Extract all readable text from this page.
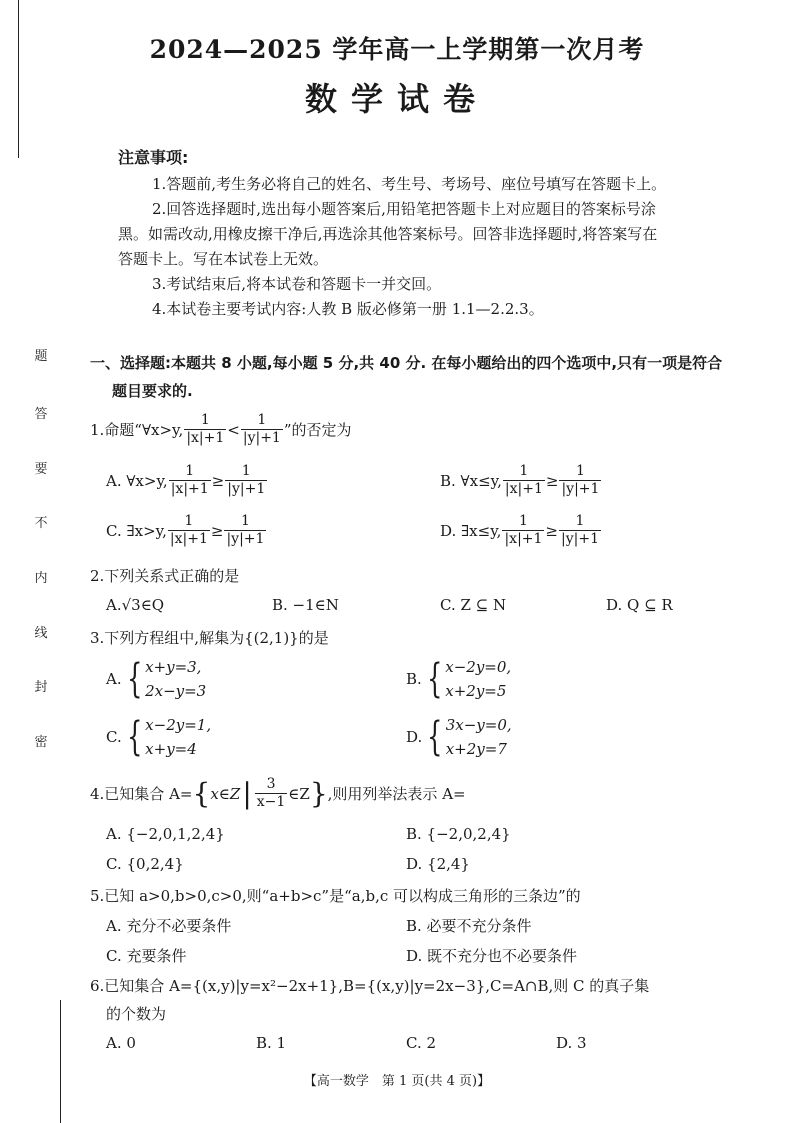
题
答
要
不
内
线
封
密
2024—2025 学年高一上学期第一次月考
数学试卷
注意事项:
1.答题前,考生务必将自己的姓名、考生号、考场号、座位号填写在答题卡上。
2.回答选择题时,选出每小题答案后,用铅笔把答题卡上对应题目的答案标号涂
黑。如需改动,用橡皮擦干净后,再选涂其他答案标号。回答非选择题时,将答案写在
答题卡上。写在本试卷上无效。
3.考试结束后,将本试卷和答题卡一并交回。
4.本试卷主要考试内容:人教 B 版必修第一册 1.1—2.2.3。
一、选择题:本题共 8 小题,每小题 5 分,共 40 分. 在每小题给出的四个选项中,只有一项是符合
题目要求的.
1.命题“∀x>y, $\frac{1}{|x|+1} < \frac{1}{|y|+1}$ ”的否定为
A. ∀x>y, $\frac{1}{|x|+1} \ge \frac{1}{|y|+1}$	B. ∀x≤y, $\frac{1}{|x|+1} \ge \frac{1}{|y|+1}$
C. ∃x>y, $\frac{1}{|x|+1} \ge \frac{1}{|y|+1}$	D. ∃x≤y, $\frac{1}{|x|+1} \ge \frac{1}{|y|+1}$
2.下列关系式正确的是
A.√3∈Q	B. −1∈N	C. Z ⊆ N	D. Q ⊆ R
3.下列方程组中,解集为{(2,1)}的是
A. { x+y=3,
2x−y=3
B. { x−2y=0,
x+2y=5
C. { x−2y=1,
x+y=4
D. { 3x−y=0,
x+2y=7
4.已知集合 A= { x∈Z | $\frac{3}{x-1}$ ∈Z } ,则用列举法表示 A=
A. {−2,0,1,2,4}	B. {−2,0,2,4}
C. {0,2,4}	D. {2,4}
5.已知 a>0,b>0,c>0,则“a+b>c”是“a,b,c 可以构成三角形的三条边”的
A. 充分不必要条件	B. 必要不充分条件
C. 充要条件	D. 既不充分也不必要条件
6.已知集合 A={(x,y)|y=x²−2x+1},B={(x,y)|y=2x−3},C=A∩B,则 C 的真子集
的个数为
A. 0	B. 1	C. 2	D. 3
【高一数学　第 1 页(共 4 页)】
